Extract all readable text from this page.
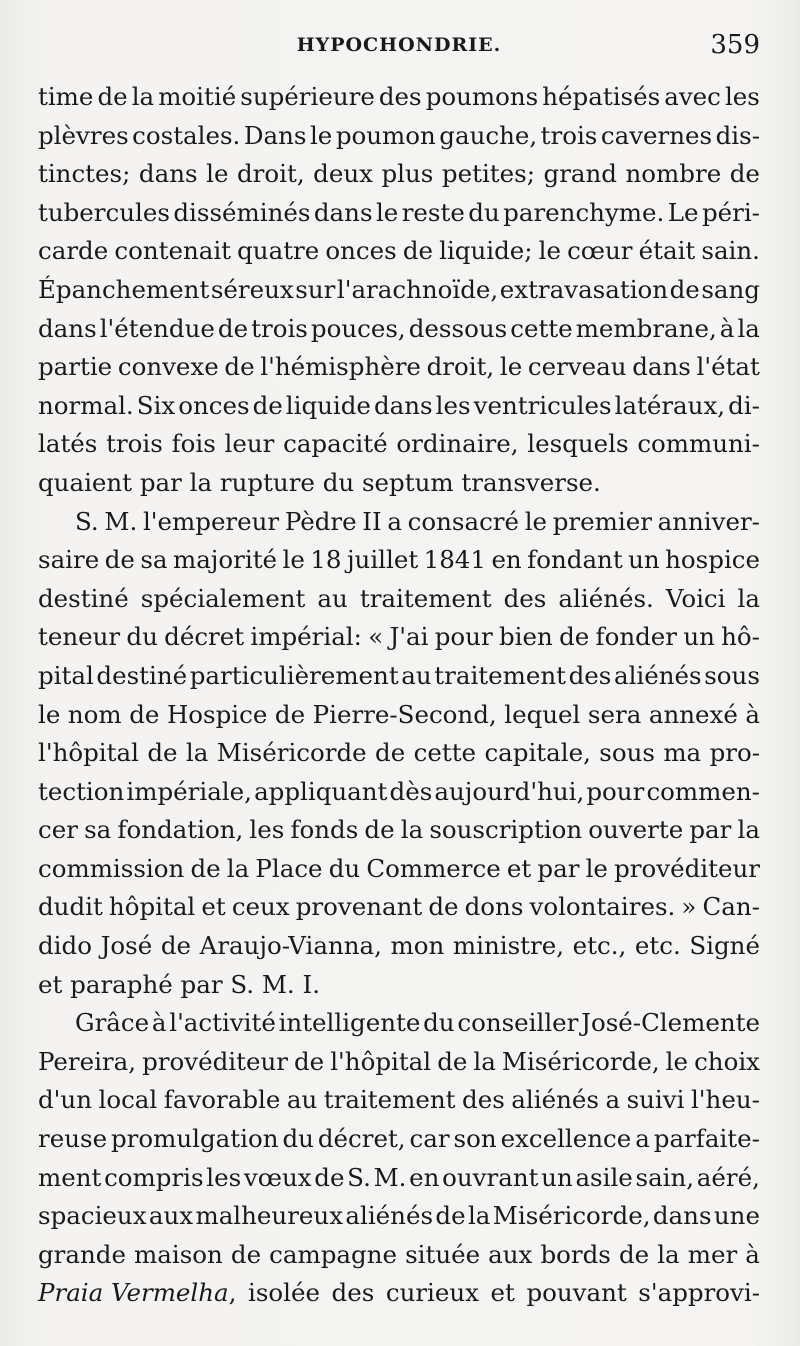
HYPOCHONDRIE.	359
time de la moitié supérieure des poumons hépatisés avec les
plèvres costales. Dans le poumon gauche, trois cavernes dis-
tinctes; dans le droit, deux plus petites; grand nombre de
tubercules disséminés dans le reste du parenchyme. Le péri-
carde contenait quatre onces de liquide; le cœur était sain.
Épanchement séreux sur l'arachnoïde, extravasation de sang
dans l'étendue de trois pouces, dessous cette membrane, à la
partie convexe de l'hémisphère droit, le cerveau dans l'état
normal. Six onces de liquide dans les ventricules latéraux, di-
latés trois fois leur capacité ordinaire, lesquels communi-
quaient
par
la
rupture
du
septum
transverse.
S. M. l'empereur Pèdre II a consacré le premier anniver-
saire de sa majorité le 18 juillet 1841 en fondant un hospice
destiné spécialement au traitement des aliénés. Voici la
teneur du décret impérial: « J'ai pour bien de fonder un hô-
pital destiné particulièrement au traitement des aliénés sous
le nom de Hospice de Pierre-Second, lequel sera annexé à
l'hôpital de la Miséricorde de cette capitale, sous ma pro-
tection impériale, appliquant dès aujourd'hui, pour commen-
cer sa fondation, les fonds de la souscription ouverte par la
commission de la Place du Commerce et par le provéditeur
dudit hôpital et ceux provenant de dons volontaires. » Can-
dido José de Araujo-Vianna, mon ministre, etc., etc. Signé
et
paraphé
par
S.
M.
I.
Grâce à l'activité intelligente du conseiller José-Clemente
Pereira, provéditeur de l'hôpital de la Miséricorde, le choix
d'un local favorable au traitement des aliénés a suivi l'heu-
reuse promulgation du décret, car son excellence a parfaite-
ment compris les vœux de S. M. en ouvrant un asile sain, aéré,
spacieux aux malheureux aliénés de la Miséricorde, dans une
grande maison de campagne située aux bords de la mer à
Praia Vermelha, isolée des curieux et pouvant s'approvi-
